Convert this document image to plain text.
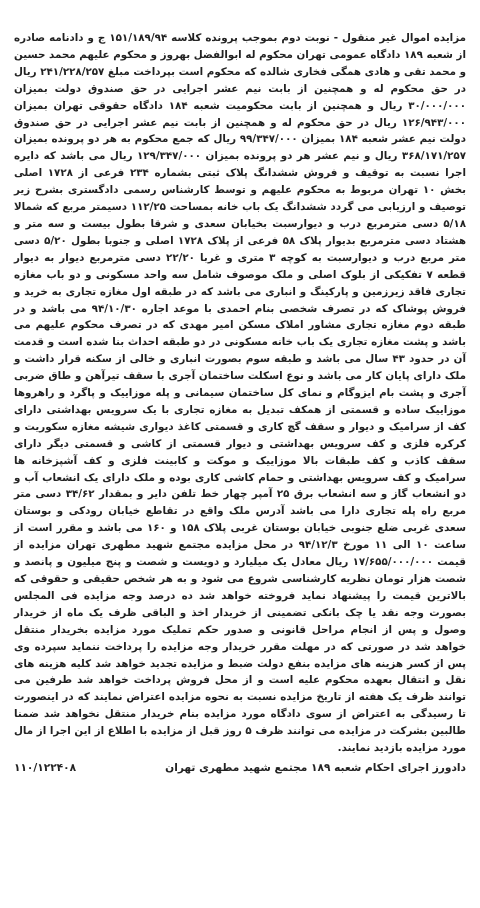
مزایده اموال غیر منقول - نوبت دوم بموجب پرونده کلاسه ۱۵۱/۱۸۹/۹۴ ج و دادنامه صادره از شعبه ۱۸۹ دادگاه عمومی تهران محکوم له ابوالفضل بهروز و محکوم علیهم محمد حسین و محمد تقی و هادی همگی فخاری شالده که محکوم است بپرداخت مبلغ ۲۴۱/۲۲۸/۲۵۷ ریال در حق محکوم له و همچنین از بابت نیم عشر اجرایی در حق صندوق دولت بمیزان ۳۰/۰۰۰/۰۰۰ ریال و همچنین از بابت محکومیت شعبه ۱۸۴ دادگاه حقوقی تهران بمیزان ۱۲۶/۹۴۳/۰۰۰ ریال در حق محکوم له و همچنین از بابت نیم عشر اجرایی در حق صندوق دولت نیم عشر شعبه ۱۸۴ بمیزان ۹۹/۳۴۷/۰۰۰ ریال که جمع محکوم به هر دو پرونده بمیزان ۳۶۸/۱۷۱/۲۵۷ ریال و نیم عشر هر دو پرونده بمیزان ۱۲۹/۳۴۷/۰۰۰ ریال می باشد که دایره اجرا نسبت به توقیف و فروش ششدانگ پلاک ثبتی بشماره ۲۳۴ فرعی از ۱۷۲۸ اصلی بخش ۱۰ تهران مربوط به محکوم علیهم و توسط کارشناس رسمی دادگستری بشرح زیر توصیف و ارزیابی می گردد ششدانگ یک باب خانه بمساحت ۱۱۲/۲۵ دسیمتر مربع که شمالا ۵/۱۸ دسی مترمربع درب و دیوارسبت بخیابان سعدی و شرقا بطول بیست و سه متر و هشتاد دسی مترمربع بدیوار پلاک ۵۸ فرعی از پلاک ۱۷۲۸ اصلی و جنوبا بطول ۵/۲۰ دسی متر مربع درب و دیوارسبت به کوچه ۳ متری و غربا ۲۲/۲۰ دسی مترمربع دیوار به دیوار قطعه ۷ تفکیکی از بلوک اصلی و ملک موصوف شامل سه واحد مسکونی و دو باب مغازه تجاری فاقد زیرزمین و پارکینگ و انباری می باشد که در طبقه اول مغازه تجاری به خرید و فروش پوشاک که در تصرف شخصی بنام احمدی با موعد اجاره ۹۴/۱۰/۳۰ می باشد و در طبقه دوم مغازه تجاری مشاور املاک مسکن امیر مهدی که در تصرف محکوم علیهم می باشد و پشت مغازه تجاری یک باب خانه مسکونی در دو طبقه احداث بنا شده است و قدمت آن در حدود ۴۳ سال می باشد و طبقه سوم بصورت انباری و خالی از سکنه قرار داشت و ملک دارای پایان کار می باشد و نوع اسکلت ساختمان آجری با سقف تیرآهن و طاق ضربی آجری و پشت بام ایزوگام و نمای کل ساختمان سیمانی و پله موزاییک و پاگرد و راهروها موزاییک ساده و قسمتی از همکف تبدیل به مغازه تجاری با یک سرویس بهداشتی دارای کف از سرامیک و دیوار و سقف گچ کاری و قسمتی کاغذ دیواری شیشه مغازه سکوریت و کرکره فلزی و کف سرویس بهداشتی و دیوار قسمتی از کاشی و قسمتی دیگر دارای سقف کاذب و کف طبقات بالا موزاییک و موکت و کابینت فلزی و کف آشپزخانه ها سرامیک و کف سرویس بهداشتی و حمام کاشی کاری بوده و ملک دارای یک انشعاب آب و دو انشعاب گاز و سه انشعاب برق ۲۵ آمپر چهار خط تلفن دایر و بمقدار ۳۴/۶۲ دسی متر مربع راه پله تجاری دارا می باشد آدرس ملک واقع در تقاطع خیابان رودکی و بوستان سعدی غربی ضلع جنوبی خیابان بوستان غربی پلاک ۱۵۸ و ۱۶۰ می باشد و مقرر است از ساعت ۱۰ الی ۱۱ مورخ ۹۴/۱۲/۳ در محل مزایده مجتمع شهید مطهری تهران مزایده از قیمت ۱۷/۶۵۵/۰۰۰/۰۰۰ ریال معادل یک میلیارد و دویست و شصت و پنج میلیون و پانصد و شصت هزار تومان نظریه کارشناسی شروع می شود و به هر شخص حقیقی و حقوقی که بالاترین قیمت را پیشنهاد نماید فروخته خواهد شد ده درصد وجه مزایده فی المجلس بصورت وجه نقد یا چک بانکی تضمینی از خریدار اخذ و الباقی ظرف یک ماه از خریدار وصول و پس از انجام مراحل قانونی و صدور حکم تملیک مورد مزایده بخریدار منتقل خواهد شد در صورتی که در مهلت مقرر خریدار وجه مزایده را پرداخت ننماید سپرده وی پس از کسر هزینه های مزایده بنفع دولت ضبط و مزایده تجدید خواهد شد کلیه هزینه های نقل و انتقال بعهده محکوم علیه است و از محل فروش پرداخت خواهد شد طرفین می توانند ظرف یک هفته از تاریخ مزایده نسبت به نحوه مزایده اعتراض نمایند که در اینصورت تا رسیدگی به اعتراض از سوی دادگاه مورد مزایده بنام خریدار منتقل نخواهد شد ضمنا طالبین بشرکت در مزایده می توانند ظرف ۵ روز قبل از مزایده با اطلاع از این اجرا از مال مورد مزایده بازدید نمایند.
دادورز اجرای احکام شعبه ۱۸۹ مجتمع شهید مطهری تهران
۱۱۰/۱۲۲۴۰۸
